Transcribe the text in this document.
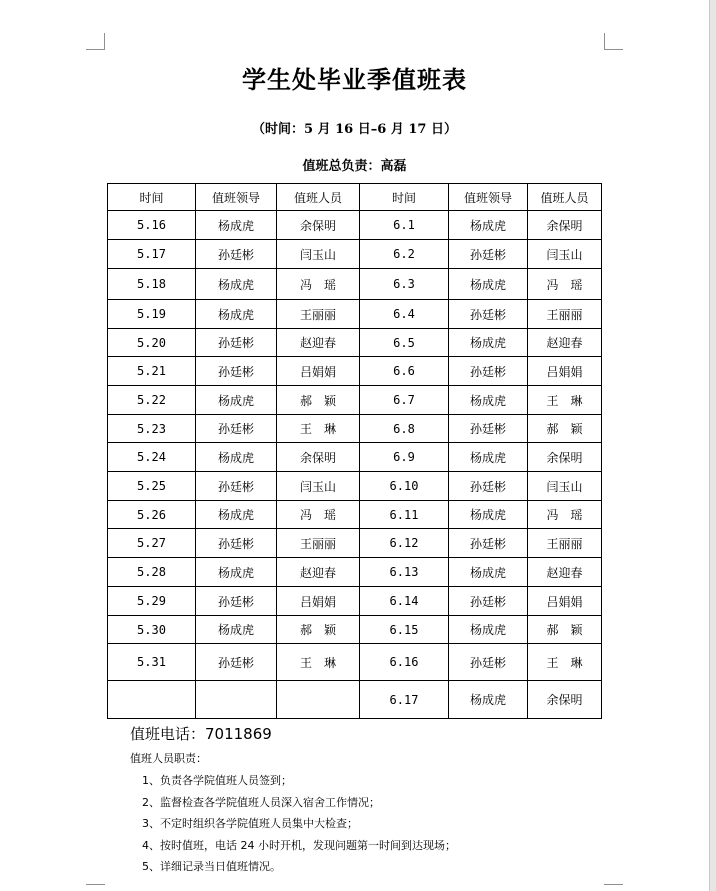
学生处毕业季值班表
（时间：5 月 16 日–6 月 17 日）
值班总负责：高磊
时间	值班领导	值班人员	时间	值班领导	值班人员
5.16	杨成虎	余保明	6.1	杨成虎	余保明
5.17	孙廷彬	闫玉山	6.2	孙廷彬	闫玉山
5.18	杨成虎	冯　瑶	6.3	杨成虎	冯　瑶
5.19	杨成虎	王丽丽	6.4	孙廷彬	王丽丽
5.20	孙廷彬	赵迎春	6.5	杨成虎	赵迎春
5.21	孙廷彬	吕娟娟	6.6	孙廷彬	吕娟娟
5.22	杨成虎	郝　颖	6.7	杨成虎	王　琳
5.23	孙廷彬	王　琳	6.8	孙廷彬	郝　颖
5.24	杨成虎	余保明	6.9	杨成虎	余保明
5.25	孙廷彬	闫玉山	6.10	孙廷彬	闫玉山
5.26	杨成虎	冯　瑶	6.11	杨成虎	冯　瑶
5.27	孙廷彬	王丽丽	6.12	孙廷彬	王丽丽
5.28	杨成虎	赵迎春	6.13	杨成虎	赵迎春
5.29	孙廷彬	吕娟娟	6.14	孙廷彬	吕娟娟
5.30	杨成虎	郝　颖	6.15	杨成虎	郝　颖
5.31	孙廷彬	王　琳	6.16	孙廷彬	王　琳
			6.17	杨成虎	余保明
值班电话：7011869
值班人员职责：
1、负责各学院值班人员签到；
2、监督检查各学院值班人员深入宿舍工作情况；
3、不定时组织各学院值班人员集中大检查；
4、按时值班，电话 24 小时开机，发现问题第一时间到达现场；
5、详细记录当日值班情况。
